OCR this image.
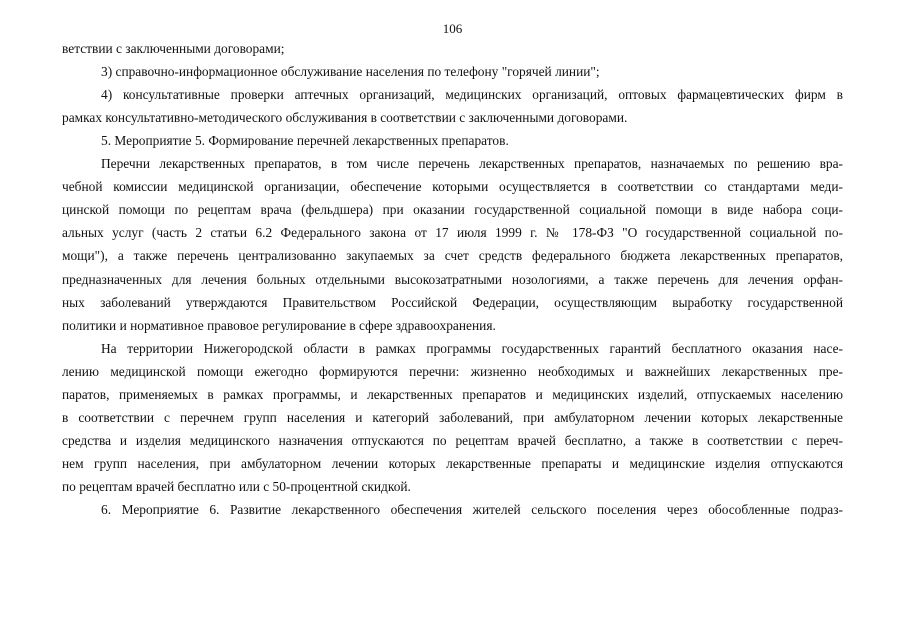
106
ветствии с заключенными договорами;
3) справочно-информационное обслуживание населения по телефону "горячей линии";
4) консультативные проверки аптечных организаций, медицинских организаций, оптовых фармацевтических фирм в
рамках консультативно-методического обслуживания в соответствии с заключенными договорами.
5. Мероприятие 5. Формирование перечней лекарственных препаратов.
Перечни лекарственных препаратов, в том числе перечень лекарственных препаратов, назначаемых по решению вра-
чебной комиссии медицинской организации, обеспечение которыми осуществляется в соответствии со стандартами меди-
цинской помощи по рецептам врача (фельдшера) при оказании государственной социальной помощи в виде набора соци-
альных услуг (часть 2 статьи 6.2 Федерального закона от 17 июля 1999 г. № 178-ФЗ "О государственной социальной по-
мощи"), а также перечень централизованно закупаемых за счет средств федерального бюджета лекарственных препаратов,
предназначенных для лечения больных отдельными высокозатратными нозологиями, а также перечень для лечения орфан-
ных заболеваний утверждаются Правительством Российской Федерации, осуществляющим выработку государственной
политики и нормативное правовое регулирование в сфере здравоохранения.
На территории Нижегородской области в рамках программы государственных гарантий бесплатного оказания насе-
лению медицинской помощи ежегодно формируются перечни: жизненно необходимых и важнейших лекарственных пре-
паратов, применяемых в рамках программы, и лекарственных препаратов и медицинских изделий, отпускаемых населению
в соответствии с перечнем групп населения и категорий заболеваний, при амбулаторном лечении которых лекарственные
средства и изделия медицинского назначения отпускаются по рецептам врачей бесплатно, а также в соответствии с переч-
нем групп населения, при амбулаторном лечении которых лекарственные препараты и медицинские изделия отпускаются
по рецептам врачей бесплатно или с 50-процентной скидкой.
6. Мероприятие 6. Развитие лекарственного обеспечения жителей сельского поселения через обособленные подраз-
